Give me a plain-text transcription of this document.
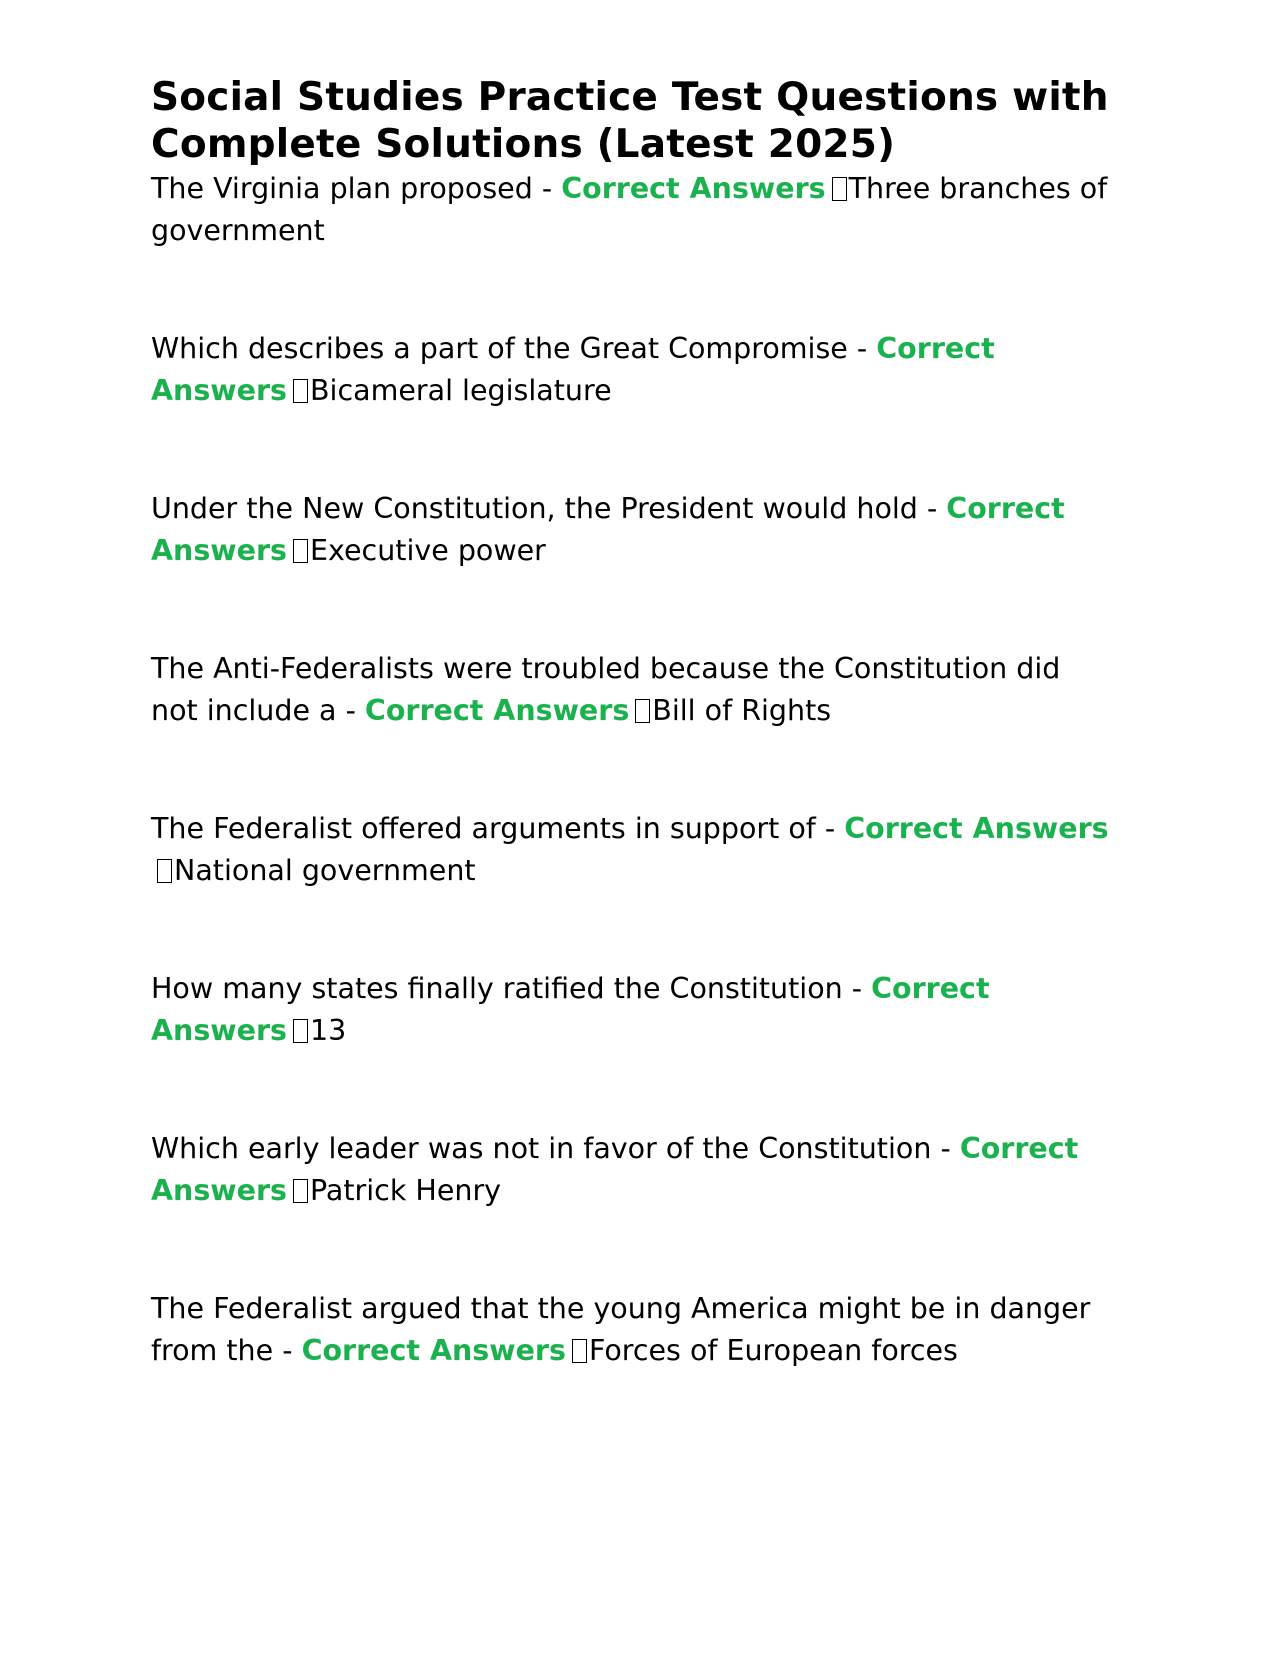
Social Studies Practice Test Questions with Complete Solutions (Latest 2025)
The Virginia plan proposed - Correct Answers Three branches of government
Which describes a part of the Great Compromise - Correct Answers Bicameral legislature
Under the New Constitution, the President would hold - Correct Answers Executive power
The Anti-Federalists were troubled because the Constitution did not include a - Correct Answers Bill of Rights
The Federalist offered arguments in support of - Correct AnswersNational government
How many states finally ratified the Constitution - Correct Answers 13
Which early leader was not in favor of the Constitution - Correct Answers Patrick Henry
The Federalist argued that the young America might be in danger from the - Correct Answers Forces of European forces
